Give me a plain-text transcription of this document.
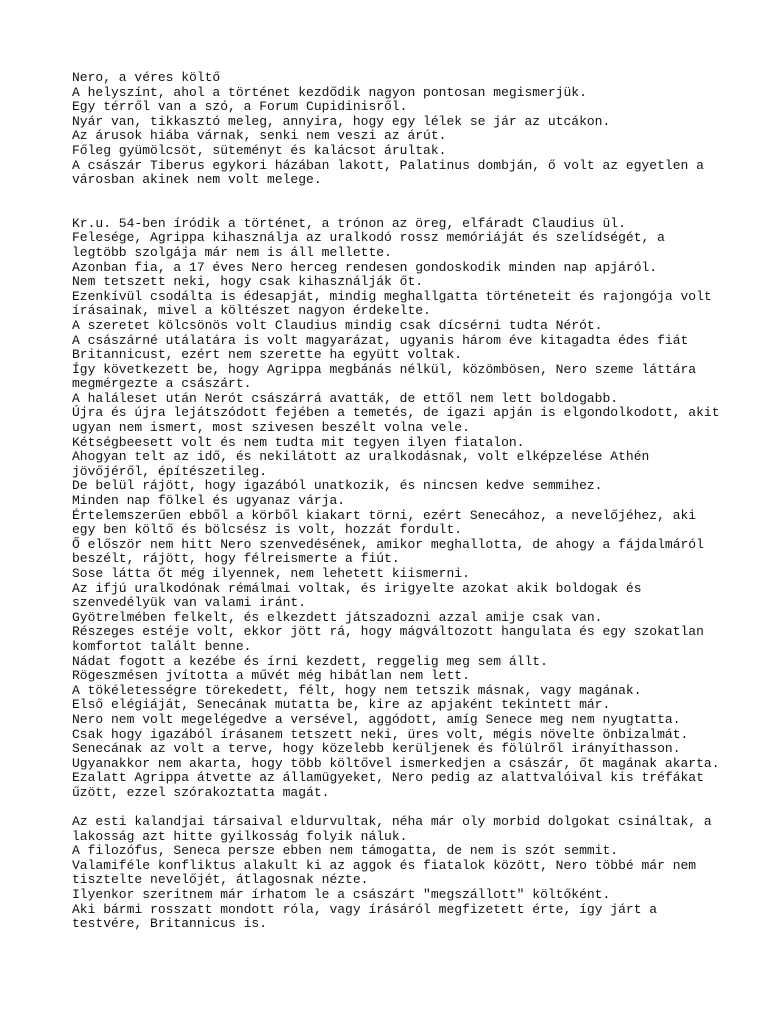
Nero, a véres költő
A helyszínt, ahol a történet kezdődik nagyon pontosan megismerjük.
Egy térről van a szó, a Forum Cupidinisről.
Nyár van, tikkasztó meleg, annyira, hogy egy lélek se jár az utcákon.
Az árusok hiába várnak, senki nem veszi az árút.
Főleg gyümölcsöt, süteményt és kalácsot árultak.
A császár Tiberus egykori házában lakott, Palatinus dombján, ő volt az egyetlen a
városban akinek nem volt melege.
Kr.u. 54-ben íródik a történet, a trónon az öreg, elfáradt Claudius ül.
Felesége, Agrippa kihasználja az uralkodó rossz memóriáját és szelídségét, a
legtöbb szolgája már nem is áll mellette.
Azonban fia, a 17 éves Nero herceg rendesen gondoskodik minden nap apjáról.
Nem tetszett neki, hogy csak kihasználják őt.
Ezenkívül csodálta is édesapját, mindig meghallgatta történeteit és rajongója volt
írásainak, mivel a költészet nagyon érdekelte.
A szeretet kölcsönös volt Claudius mindig csak dícsérni tudta Nérót.
A császárné utálatára is volt magyarázat, ugyanis három éve kitagadta édes fiát
Britannicust, ezért nem szerette ha együtt voltak.
Így következett be, hogy Agrippa megbánás nélkül, közömbösen, Nero szeme láttára
megmérgezte a császárt.
A haláleset után Nerót császárrá avatták, de ettől nem lett boldogabb.
Újra és újra lejátszódott fejében a temetés, de igazi apján is elgondolkodott, akit
ugyan nem ismert, most szivesen beszélt volna vele.
Kétségbeesett volt és nem tudta mit tegyen ilyen fiatalon.
Ahogyan telt az idő, és nekilátott az uralkodásnak, volt elképzelése Athén
jövőjéről, építészetileg.
De belül rájött, hogy igazából unatkozik, és nincsen kedve semmihez.
Minden nap fölkel és ugyanaz várja.
Értelemszerűen ebből a körből kiakart törni, ezért Senecához, a nevelőjéhez, aki
egy ben költő és bölcsész is volt, hozzát fordult.
Ő először nem hitt Nero szenvedésének, amikor meghallotta, de ahogy a fájdalmáról
beszélt, rájött, hogy félreismerte a fiút.
Sose látta őt még ilyennek, nem lehetett kiismerni.
Az ifjú uralkodónak rémálmai voltak, és irigyelte azokat akik boldogak és
szenvedélyük van valami iránt.
Gyötrelmében felkelt, és elkezdett játszadozni azzal amije csak van.
Részeges estéje volt, ekkor jött rá, hogy mágváltozott hangulata és egy szokatlan
komfortot talált benne.
Nádat fogott a kezébe és írni kezdett, reggelig meg sem állt.
Rögeszmésen jvította a művét még hibátlan nem lett.
A tökéletességre törekedett, félt, hogy nem tetszik másnak, vagy magának.
Első elégiáját, Senecának mutatta be, kire az apjaként tekintett már.
Nero nem volt megelégedve a versével, aggódott, amíg Senece meg nem nyugtatta.
Csak hogy igazából írásanem tetszett neki, üres volt, mégis növelte önbizalmát.
Senecának az volt a terve, hogy közelebb kerüljenek és fölülről irányíthasson.
Ugyanakkor nem akarta, hogy több költővel ismerkedjen a császár, őt magának akarta.
Ezalatt Agrippa átvette az államügyeket, Nero pedig az alattvalóival kis tréfákat
űzött, ezzel szórakoztatta magát.
Az esti kalandjai társaival eldurvultak, néha már oly morbid dolgokat csináltak, a
lakosság azt hitte gyilkosság folyik náluk.
A filozófus, Seneca persze ebben nem támogatta, de nem is szót semmit.
Valamiféle konfliktus alakult ki az aggok és fiatalok között, Nero többé már nem
tisztelte nevelőjét, átlagosnak nézte.
Ilyenkor szeritnem már írhatom le a császárt "megszállott" költőként.
Aki bármi rosszatt mondott róla, vagy írásáról megfizetett érte, így járt a
testvére, Britannicus is.
